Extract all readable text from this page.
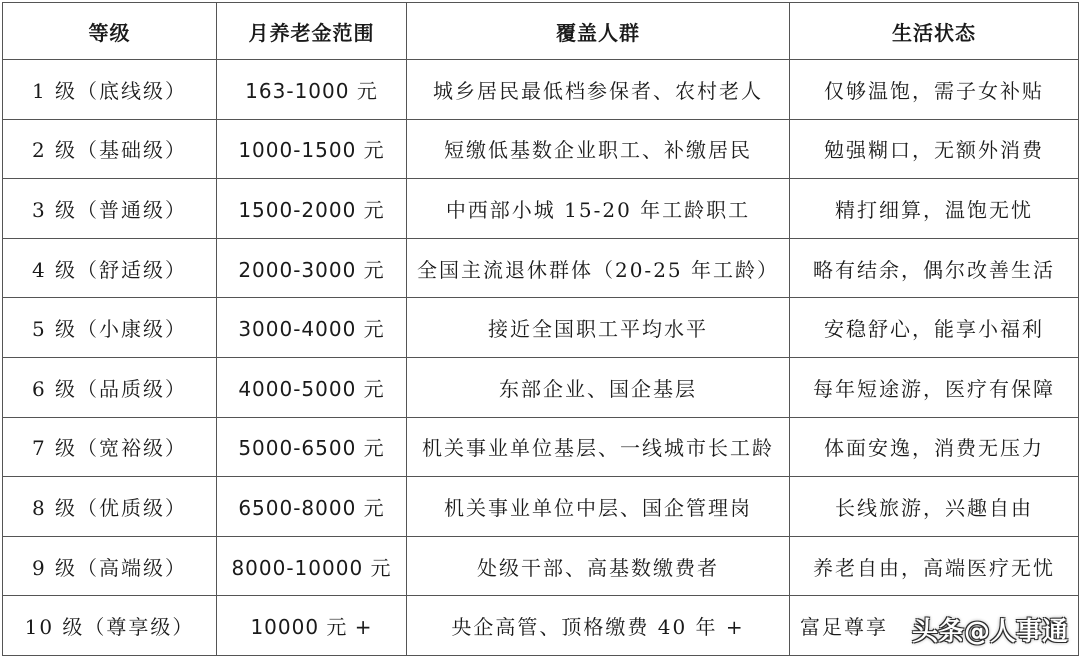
等级	月养老金范围	覆盖人群	生活状态
1 级（底线级）	163-1000 元	城乡居民最低档参保者、农村老人	仅够温饱，需子女补贴
2 级（基础级）	1000-1500 元	短缴低基数企业职工、补缴居民	勉强糊口，无额外消费
3 级（普通级）	1500-2000 元	中西部小城 15-20 年工龄职工	精打细算，温饱无忧
4 级（舒适级）	2000-3000 元	全国主流退休群体（20-25 年工龄）	略有结余，偶尔改善生活
5 级（小康级）	3000-4000 元	接近全国职工平均水平	安稳舒心，能享小福利
6 级（品质级）	4000-5000 元	东部企业、国企基层	每年短途游，医疗有保障
7 级（宽裕级）	5000-6500 元	机关事业单位基层、一线城市长工龄	体面安逸，消费无压力
8 级（优质级）	6500-8000 元	机关事业单位中层、国企管理岗	长线旅游，兴趣自由
9 级（高端级）	8000-10000 元	处级干部、高基数缴费者	养老自由，高端医疗无忧
10 级（尊享级）	10000 元 +	央企高管、顶格缴费 40 年 +	富足尊享 头条@人事通
